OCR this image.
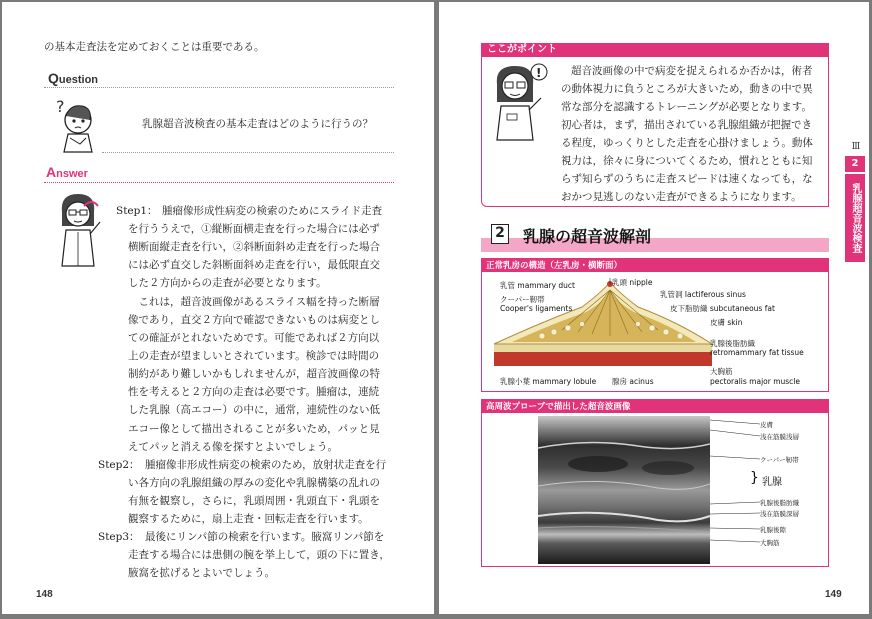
の基本走査法を定めておくことは重要である。
Question
?
乳腺超音波検査の基本走査はどのように行うの？
Answer
Step1： 腫瘤像形成性病変の検索のためにスライド走査
を行ううえで，①縦断面横走査を行った場合には必ず
横断面縦走査を行い，②斜断面斜め走査を行った場合
には必ず直交した斜断面斜め走査を行い，最低限直交
した２方向からの走査が必要となります。
　これは，超音波画像があるスライス幅を持った断層
像であり，直交２方向で確認できないものは病変とし
ての確証がとれないためです。可能であれば２方向以
上の走査が望ましいとされています。検診では時間の
制約があり難しいかもしれませんが，超音波画像の特
性を考えると２方向の走査は必要です。腫瘤は，連続
した乳腺（高エコー）の中に，通常，連続性のない低
エコー像として描出されることが多いため，パッと見
えてパッと消える像を探すとよいでしょう。
Step2： 腫瘤像非形成性病変の検索のため，放射状走査を行
い各方向の乳腺組織の厚みの変化や乳腺構築の乱れの
有無を観察し，さらに，乳頭周囲・乳頭直下・乳頭を
観察するために，扇上走査・回転走査を行います。
Step3： 最後にリンパ節の検索を行います。腋窩リンパ節を
走査する場合には患側の腕を挙上して，頭の下に置き，
腋窩を拡げるとよいでしょう。
148
ここがポイント
!	超音波画像の中で病変を捉えられるか否かは，術者
の動体視力に負うところが大きいため，動きの中で異
常な部分を認識するトレーニングが必要となります。
初心者は，まず，描出されている乳腺組織が把握でき
る程度，ゆっくりとした走査を心掛けましょう。動体
視力は，徐々に身についてくるため，慣れとともに知
らず知らずのうちに走査スピードは速くなっても，な
おかつ見逃しのない走査ができるようになります。
2 乳腺の超音波解剖
正常乳房の構造（左乳房・横断面）
乳管 mammary duct
クーパー靭帯
Cooper's ligaments
乳頭 nipple
乳管洞 lactiferous sinus
皮下脂肪織 subcutaneous fat
皮膚 skin
乳腺後脂肪織
retromammary fat tissue
乳腺小葉 mammary lobule 腺房 acinus
大胸筋
pectoralis major muscle
高周波プローブで描出した超音波画像
皮膚
浅在筋膜浅層
クーパー靭帯
} 乳腺
乳腺後脂肪織
浅在筋膜深層
乳腺後隙
大胸筋
Ⅲ
2
乳腺超音波検査
149
